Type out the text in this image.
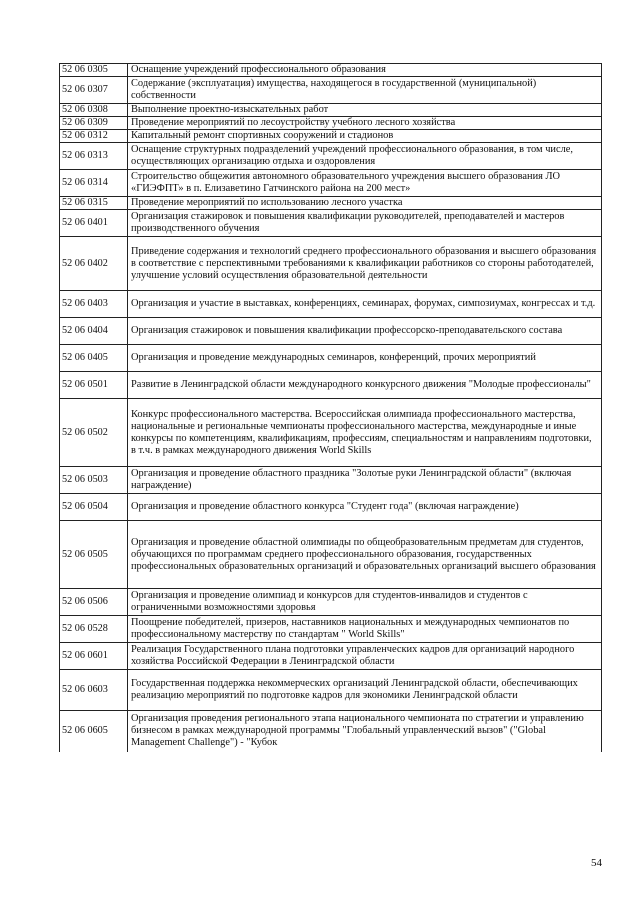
52 06 0305	Оснащение учреждений профессионального образования
52 06 0307	Содержание (эксплуатация) имущества, находящегося в государственной (муниципальной) собственности
52 06 0308	Выполнение проектно-изыскательных работ
52 06 0309	Проведение мероприятий по лесоустройству учебного лесного хозяйства
52 06 0312	Капитальный ремонт спортивных сооружений и стадионов
52 06 0313	Оснащение структурных подразделений учреждений профессионального образования, в том числе, осуществляющих организацию отдыха и оздоровления
52 06 0314	Строительство общежития автономного образовательного учреждения высшего образования ЛО «ГИЭФПТ» в п. Елизаветино Гатчинского района на 200 мест»
52 06 0315	Проведение мероприятий по использованию лесного участка
52 06 0401	Организация стажировок и повышения квалификации руководителей, преподавателей и мастеров производственного обучения
52 06 0402	Приведение содержания и технологий среднего профессионального образования и высшего образования в соответствие с перспективными требованиями к квалификации работников со стороны работодателей, улучшение условий осуществления образовательной деятельности
52 06 0403	Организация и участие в выставках, конференциях, семинарах, форумах, симпозиумах, конгрессах и т.д.
52 06 0404	Организация стажировок и повышения квалификации профессорско-преподавательского состава
52 06 0405	Организация и проведение международных семинаров, конференций, прочих мероприятий
52 06 0501	Развитие в Ленинградской области международного конкурсного движения "Молодые профессионалы"
52 06 0502	Конкурс профессионального мастерства. Всероссийская олимпиада профессионального мастерства, национальные и региональные чемпионаты профессионального мастерства, международные и иные конкурсы по компетенциям, квалификациям, профессиям, специальностям и направлениям подготовки, в т.ч. в рамках международного движения World Skills
52 06 0503	Организация и проведение областного праздника "Золотые руки Ленинградской области" (включая награждение)
52 06 0504	Организация и проведение областного конкурса "Студент года" (включая награждение)
52 06 0505	Организация и проведение областной олимпиады по общеобразовательным предметам для студентов, обучающихся по программам среднего профессионального образования, государственных профессиональных образовательных организаций и образовательных организаций высшего образования
52 06 0506	Организация и проведение олимпиад и конкурсов для студентов-инвалидов и студентов с ограниченными возможностями здоровья
52 06 0528	Поощрение победителей, призеров, наставников национальных и международных чемпионатов по профессиональному мастерству по стандартам " World Skills"
52 06 0601	Реализация Государственного плана подготовки управленческих кадров для организаций народного хозяйства Российской Федерации в Ленинградской области
52 06 0603	Государственная поддержка некоммерческих организаций Ленинградской области, обеспечивающих реализацию мероприятий по подготовке кадров для экономики Ленинградской области
52 06 0605	Организация проведения регионального этапа национального чемпионата по стратегии и управлению бизнесом в рамках международной программы "Глобальный управленческий вызов" ("Global Management Challenge") - "Кубок
54
